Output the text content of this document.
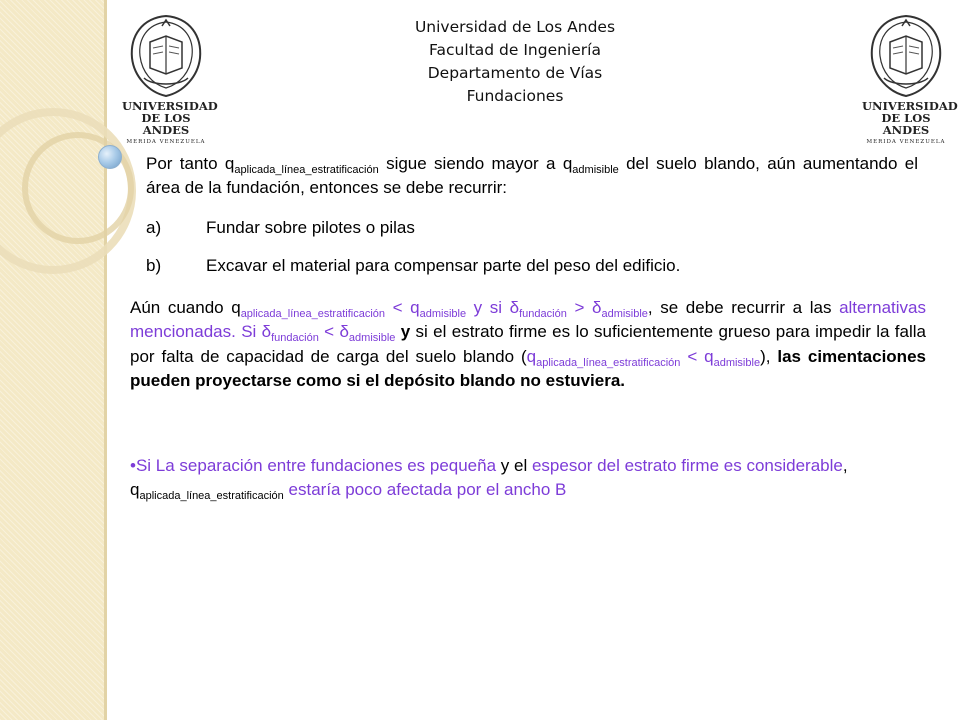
UNIVERSIDAD
DE LOS ANDES
MERIDA VENEZUELA
UNIVERSIDAD
DE LOS ANDES
MERIDA VENEZUELA
Universidad de Los Andes
Facultad de Ingeniería
Departamento de Vías
Fundaciones
Por tanto $q_{aplicada\_línea\_estratificación}$ sigue siendo mayor a $q_{admisible}$ del suelo blando, aún aumentando el área de la fundación, entonces se debe recurrir:
a)	Fundar sobre pilotes o pilas
b)	Excavar el material para compensar parte del peso del edificio.
Aún cuando $q_{aplicada\_línea\_estratificación} < q_{admisible}$ y si $\delta_{fundación} > \delta_{admisible}$, se debe recurrir a las alternativas mencionadas. Si $\delta_{fundación} < \delta_{admisible}$ y si el estrato firme es lo suficientemente grueso para impedir la falla por falta de capacidad de carga del suelo blando $(q_{aplicada\_línea\_estratificación} < q_{admisible})$, las cimentaciones pueden proyectarse como si el depósito blando no estuviera.
•Si La separación entre fundaciones es pequeña y el espesor del estrato firme es considerable, $q_{aplicada\_línea\_estratificación}$ estaría poco afectada por el ancho B
